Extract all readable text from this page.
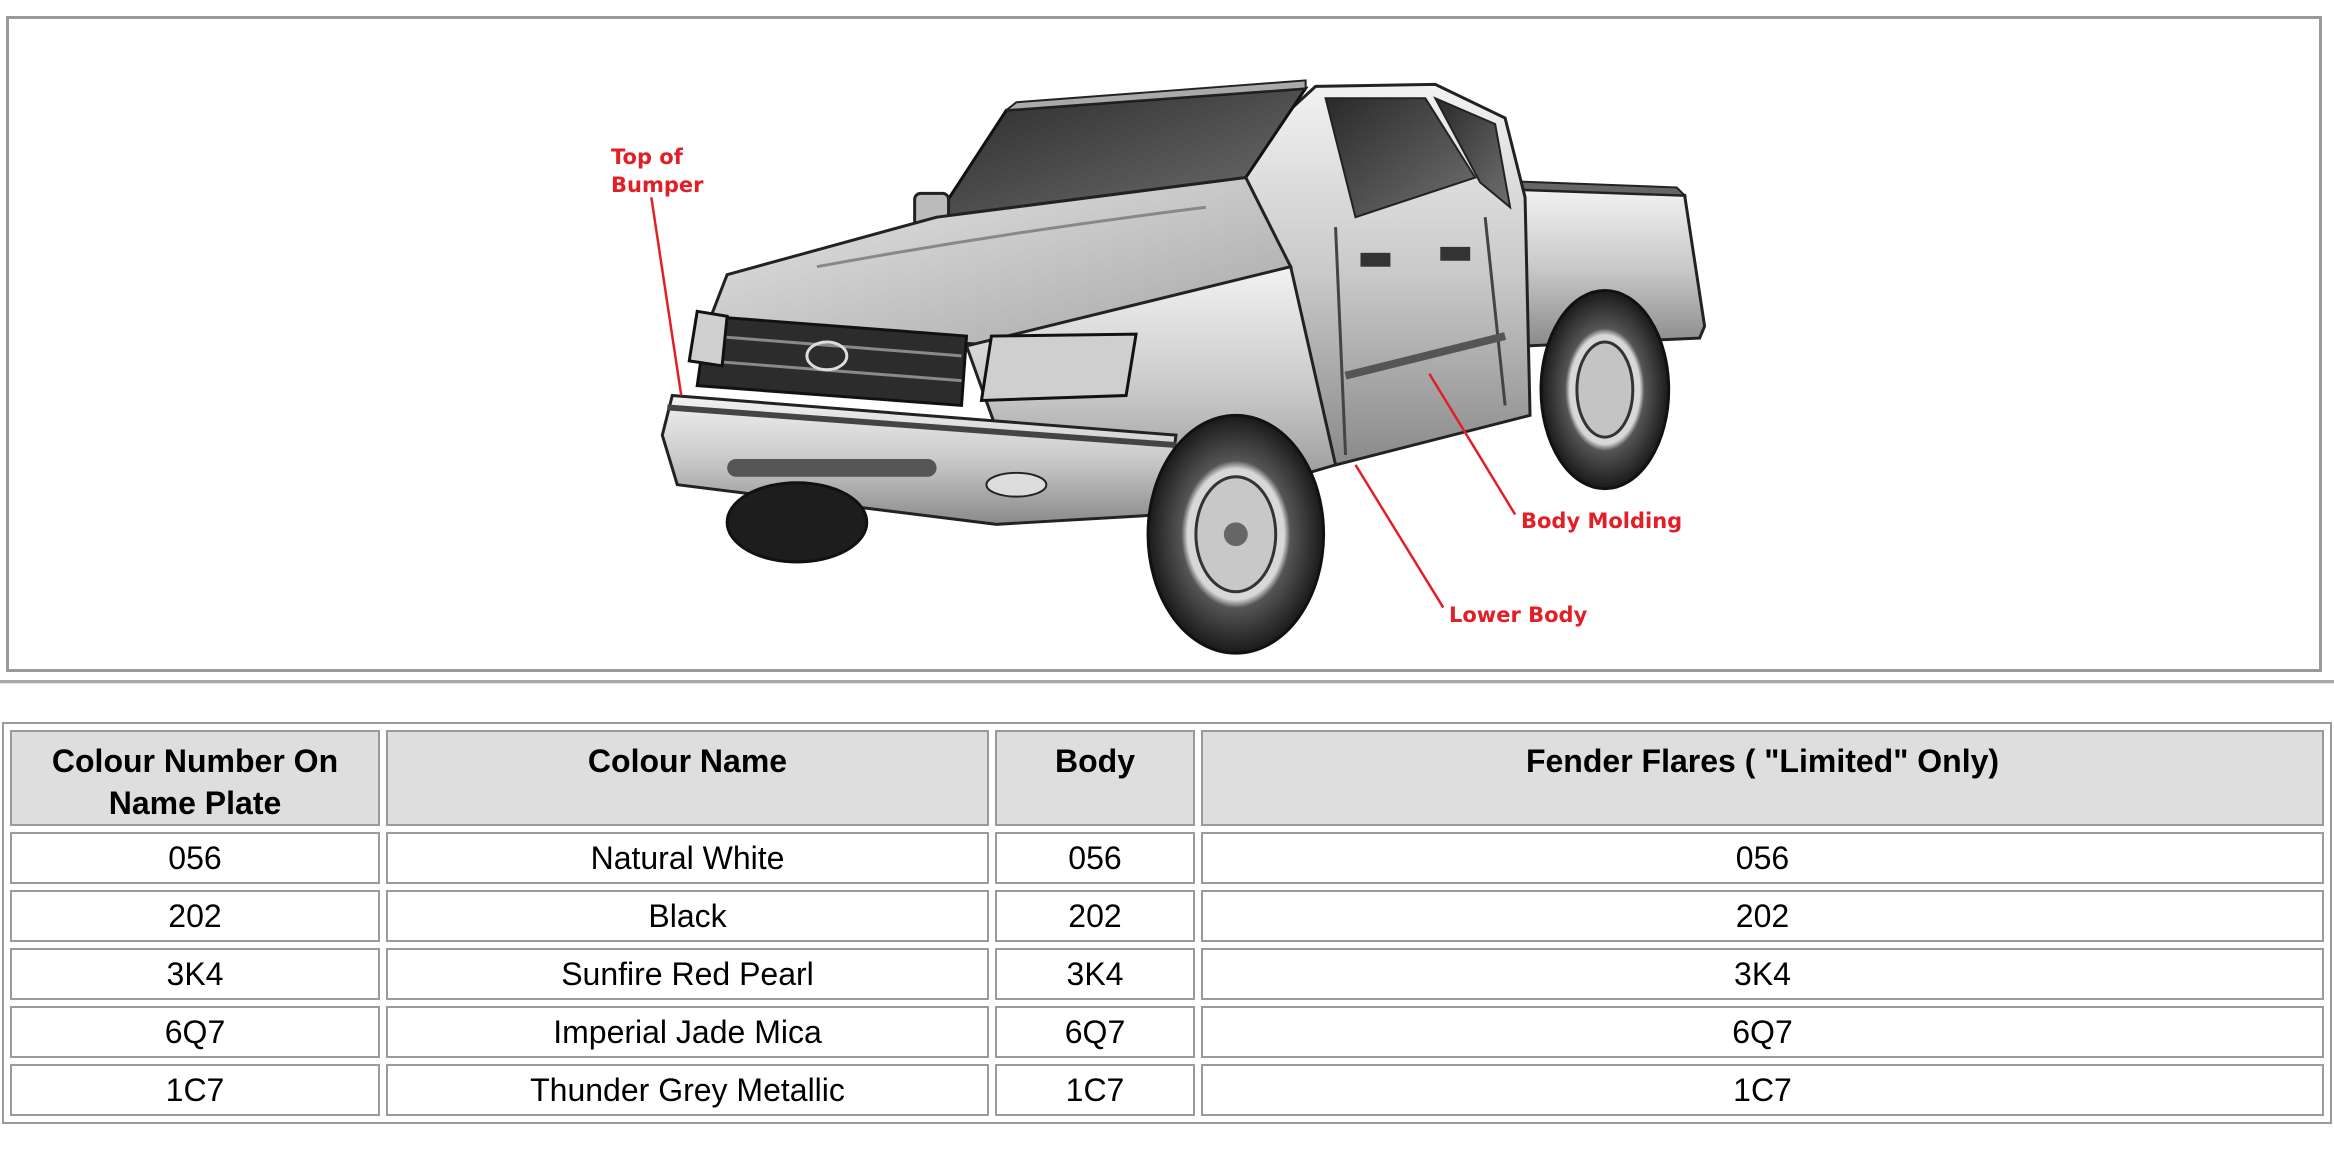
Top of
Bumper
Body Molding
Lower Body
Colour Number On
Name Plate	Colour Name	Body	Fender Flares ( "Limited" Only)
056	Natural White	056	056
202	Black	202	202
3K4	Sunfire Red Pearl	3K4	3K4
6Q7	Imperial Jade Mica	6Q7	6Q7
1C7	Thunder Grey Metallic	1C7	1C7
